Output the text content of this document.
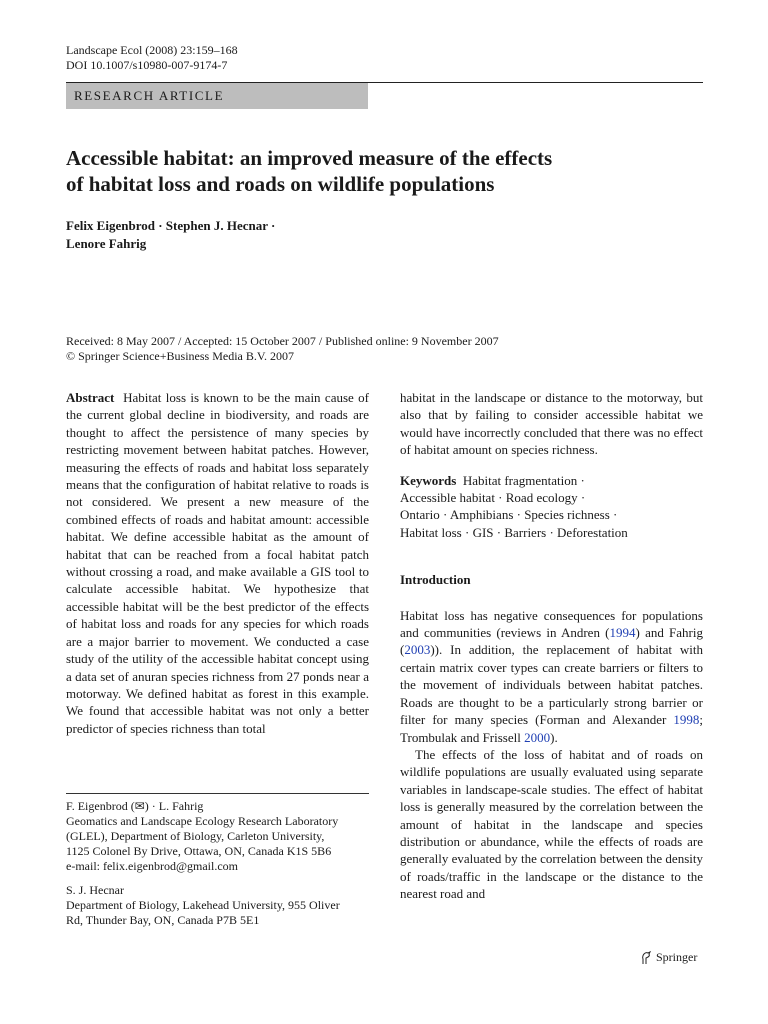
Landscape Ecol (2008) 23:159–168
DOI 10.1007/s10980-007-9174-7
RESEARCH ARTICLE
Accessible habitat: an improved measure of the effects
of habitat loss and roads on wildlife populations
Felix Eigenbrod · Stephen J. Hecnar ·
Lenore Fahrig
Received: 8 May 2007 / Accepted: 15 October 2007 / Published online: 9 November 2007
© Springer Science+Business Media B.V. 2007

Abstract Habitat loss is known to be the main cause of the current global decline in biodiversity, and roads are thought to affect the persistence of many species by restricting movement between habitat patches. However, measuring the effects of roads and habitat loss separately means that the configuration of habitat relative to roads is not considered. We present a new measure of the combined effects of roads and habitat amount: accessible habitat. We define accessible habitat as the amount of habitat that can be reached from a focal habitat patch without crossing a road, and make available a GIS tool to calculate accessible habitat. We hypothesize that accessible habitat will be the best predictor of the effects of habitat loss and roads for any species for which roads are a major barrier to movement. We conducted a case study of the utility of the accessible habitat concept using a data set of anuran species richness from 27 ponds near a motorway. We defined habitat as forest in this example. We found that accessible habitat was not only a better predictor of species richness than total

habitat in the landscape or distance to the motorway, but also that by failing to consider accessible habitat we would have incorrectly concluded that there was no effect of habitat amount on species richness.

Keywords Habitat fragmentation ·
Accessible habitat · Road ecology ·
Ontario · Amphibians · Species richness ·
Habitat loss · GIS · Barriers · Deforestation

Introduction

Habitat loss has negative consequences for populations and communities (reviews in Andren (1994) and Fahrig (2003)). In addition, the replacement of habitat with certain matrix cover types can create barriers or filters to the movement of individuals between habitat patches. Roads are thought to be a particularly strong barrier or filter for many species (Forman and Alexander 1998; Trombulak and Frissell 2000).

The effects of the loss of habitat and of roads on wildlife populations are usually evaluated using separate variables in landscape-scale studies. The effect of habitat loss is generally measured by the correlation between the amount of habitat in the landscape and species distribution or abundance, while the effects of roads are generally evaluated by the correlation between the density of roads/traffic in the landscape or the distance to the nearest road and

F. Eigenbrod (✉) · L. Fahrig
Geomatics and Landscape Ecology Research Laboratory
(GLEL), Department of Biology, Carleton University,
1125 Colonel By Drive, Ottawa, ON, Canada K1S 5B6
e-mail: felix.eigenbrod@gmail.com
S. J. Hecnar
Department of Biology, Lakehead University, 955 Oliver
Rd, Thunder Bay, ON, Canada P7B 5E1
Springer
